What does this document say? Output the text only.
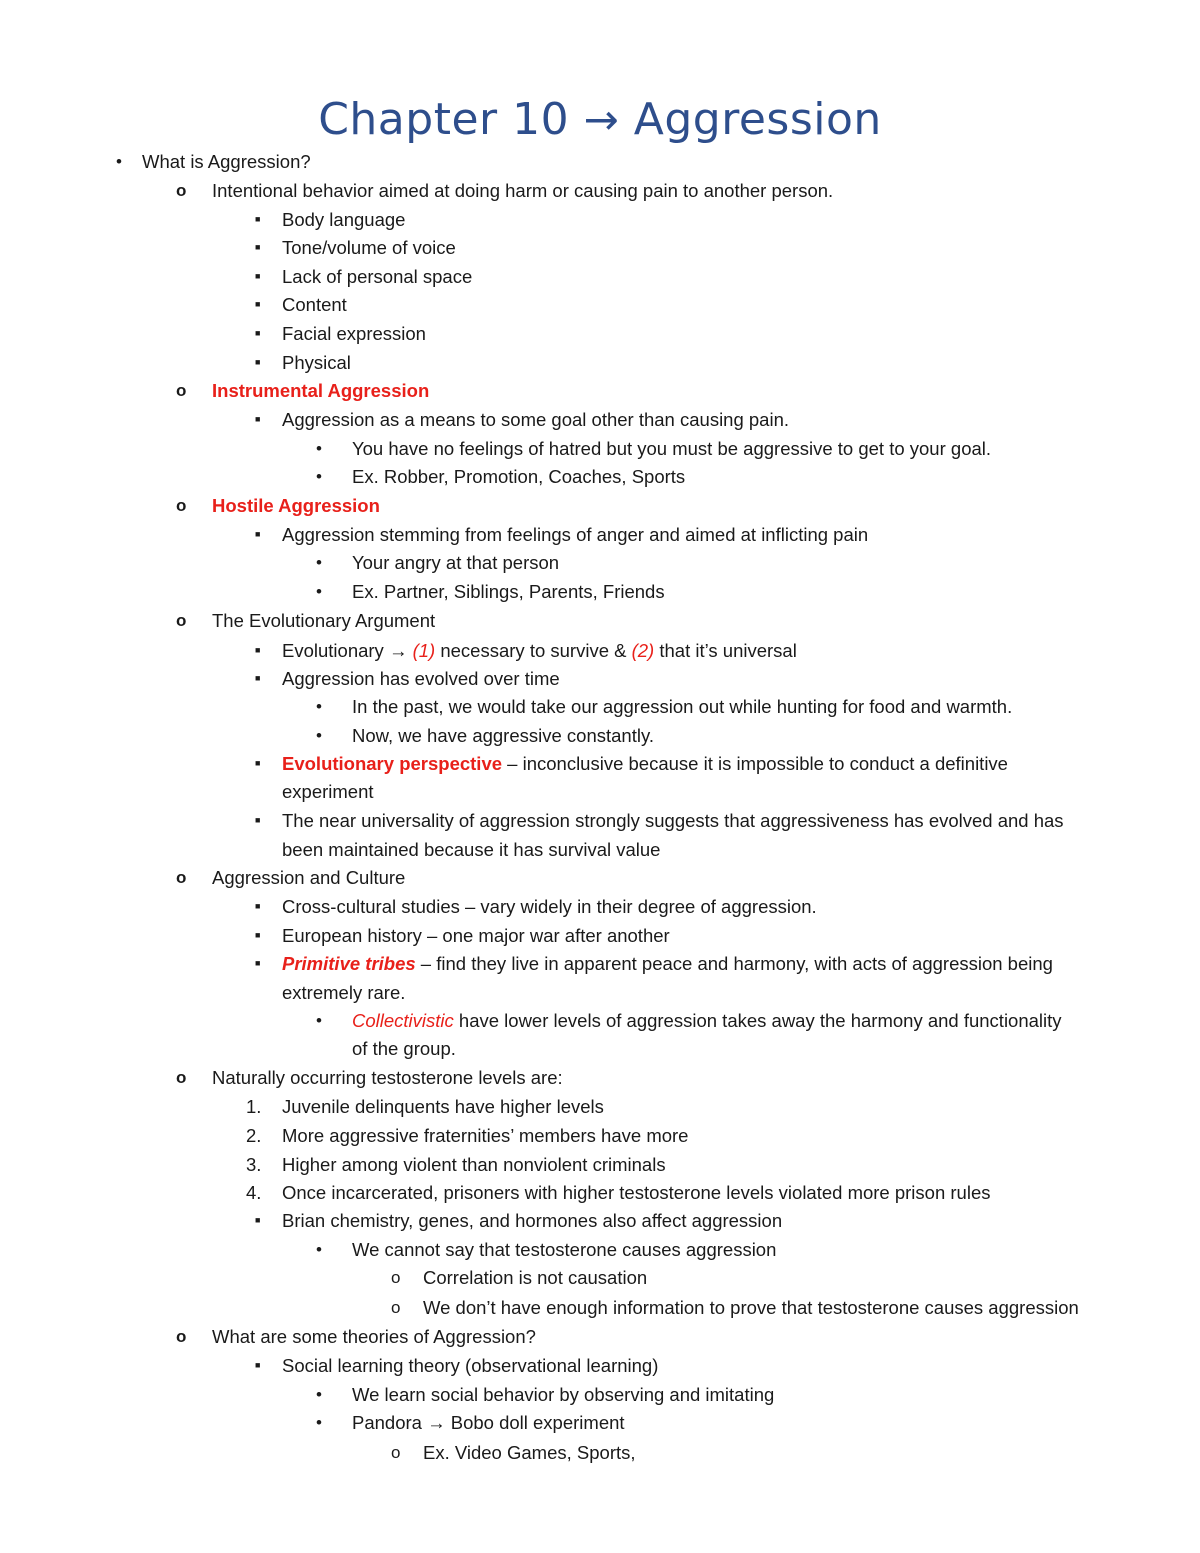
Chapter 10 → Aggression
• What is Aggression?
o Intentional behavior aimed at doing harm or causing pain to another person.
■ Body language
■ Tone/volume of voice
■ Lack of personal space
■ Content
■ Facial expression
■ Physical
o Instrumental Aggression
■ Aggression as a means to some goal other than causing pain.
• You have no feelings of hatred but you must be aggressive to get to your goal.
• Ex. Robber, Promotion, Coaches, Sports
o Hostile Aggression
■ Aggression stemming from feelings of anger and aimed at inflicting pain
• Your angry at that person
• Ex. Partner, Siblings, Parents, Friends
o The Evolutionary Argument
■ Evolutionary → (1) necessary to survive & (2) that it’s universal
■ Aggression has evolved over time
• In the past, we would take our aggression out while hunting for food and warmth.
• Now, we have aggressive constantly.
■ Evolutionary perspective – inconclusive because it is impossible to conduct a definitive
experiment
■ The near universality of aggression strongly suggests that aggressiveness has evolved and has
been maintained because it has survival value
o Aggression and Culture
■ Cross-cultural studies – vary widely in their degree of aggression.
■ European history – one major war after another
■ Primitive tribes – find they live in apparent peace and harmony, with acts of aggression being
extremely rare.
• Collectivistic have lower levels of aggression takes away the harmony and functionality
of the group.
o Naturally occurring testosterone levels are:
1. Juvenile delinquents have higher levels
2. More aggressive fraternities’ members have more
3. Higher among violent than nonviolent criminals
4. Once incarcerated, prisoners with higher testosterone levels violated more prison rules
■ Brian chemistry, genes, and hormones also affect aggression
• We cannot say that testosterone causes aggression
o Correlation is not causation
o We don’t have enough information to prove that testosterone causes aggression
o What are some theories of Aggression?
■ Social learning theory (observational learning)
• We learn social behavior by observing and imitating
• Pandora → Bobo doll experiment
o Ex. Video Games, Sports,
